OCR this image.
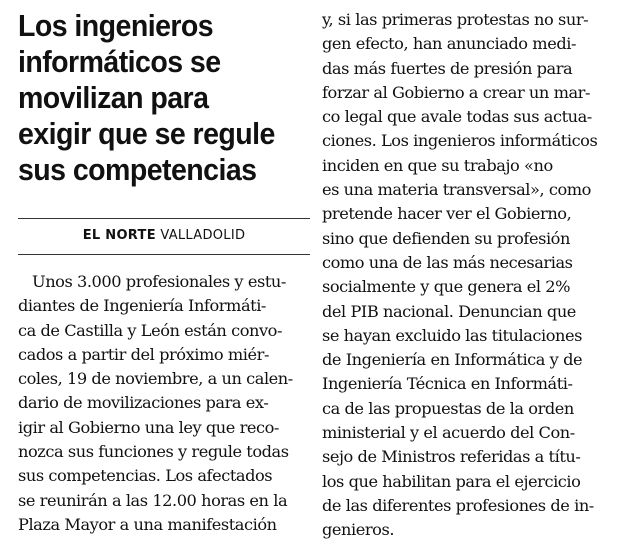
Los ingenieros
informáticos se
movilizan para
exigir que se regule
sus competencias
EL NORTE VALLADOLID
Unos 3.000 profesionales y estu-
diantes de Ingeniería Informáti-
ca de Castilla y León están convo-
cados a partir del próximo miér-
coles, 19 de noviembre, a un calen-
dario de movilizaciones para ex-
igir al Gobierno una ley que reco-
nozca sus funciones y regule todas
sus competencias. Los afectados
se reunirán a las 12.00 horas en la
Plaza Mayor a una manifestación
y, si las primeras protestas no sur-
gen efecto, han anunciado medi-
das más fuertes de presión para
forzar al Gobierno a crear un mar-
co legal que avale todas sus actua-
ciones. Los ingenieros informáticos
inciden en que su trabajo «no
es una materia transversal», como
pretende hacer ver el Gobierno,
sino que defienden su profesión
como una de las más necesarias
socialmente y que genera el 2%
del PIB nacional. Denuncian que
se hayan excluido las titulaciones
de Ingeniería en Informática y de
Ingeniería Técnica en Informáti-
ca de las propuestas de la orden
ministerial y el acuerdo del Con-
sejo de Ministros referidas a títu-
los que habilitan para el ejercicio
de las diferentes profesiones de in-
genieros.
